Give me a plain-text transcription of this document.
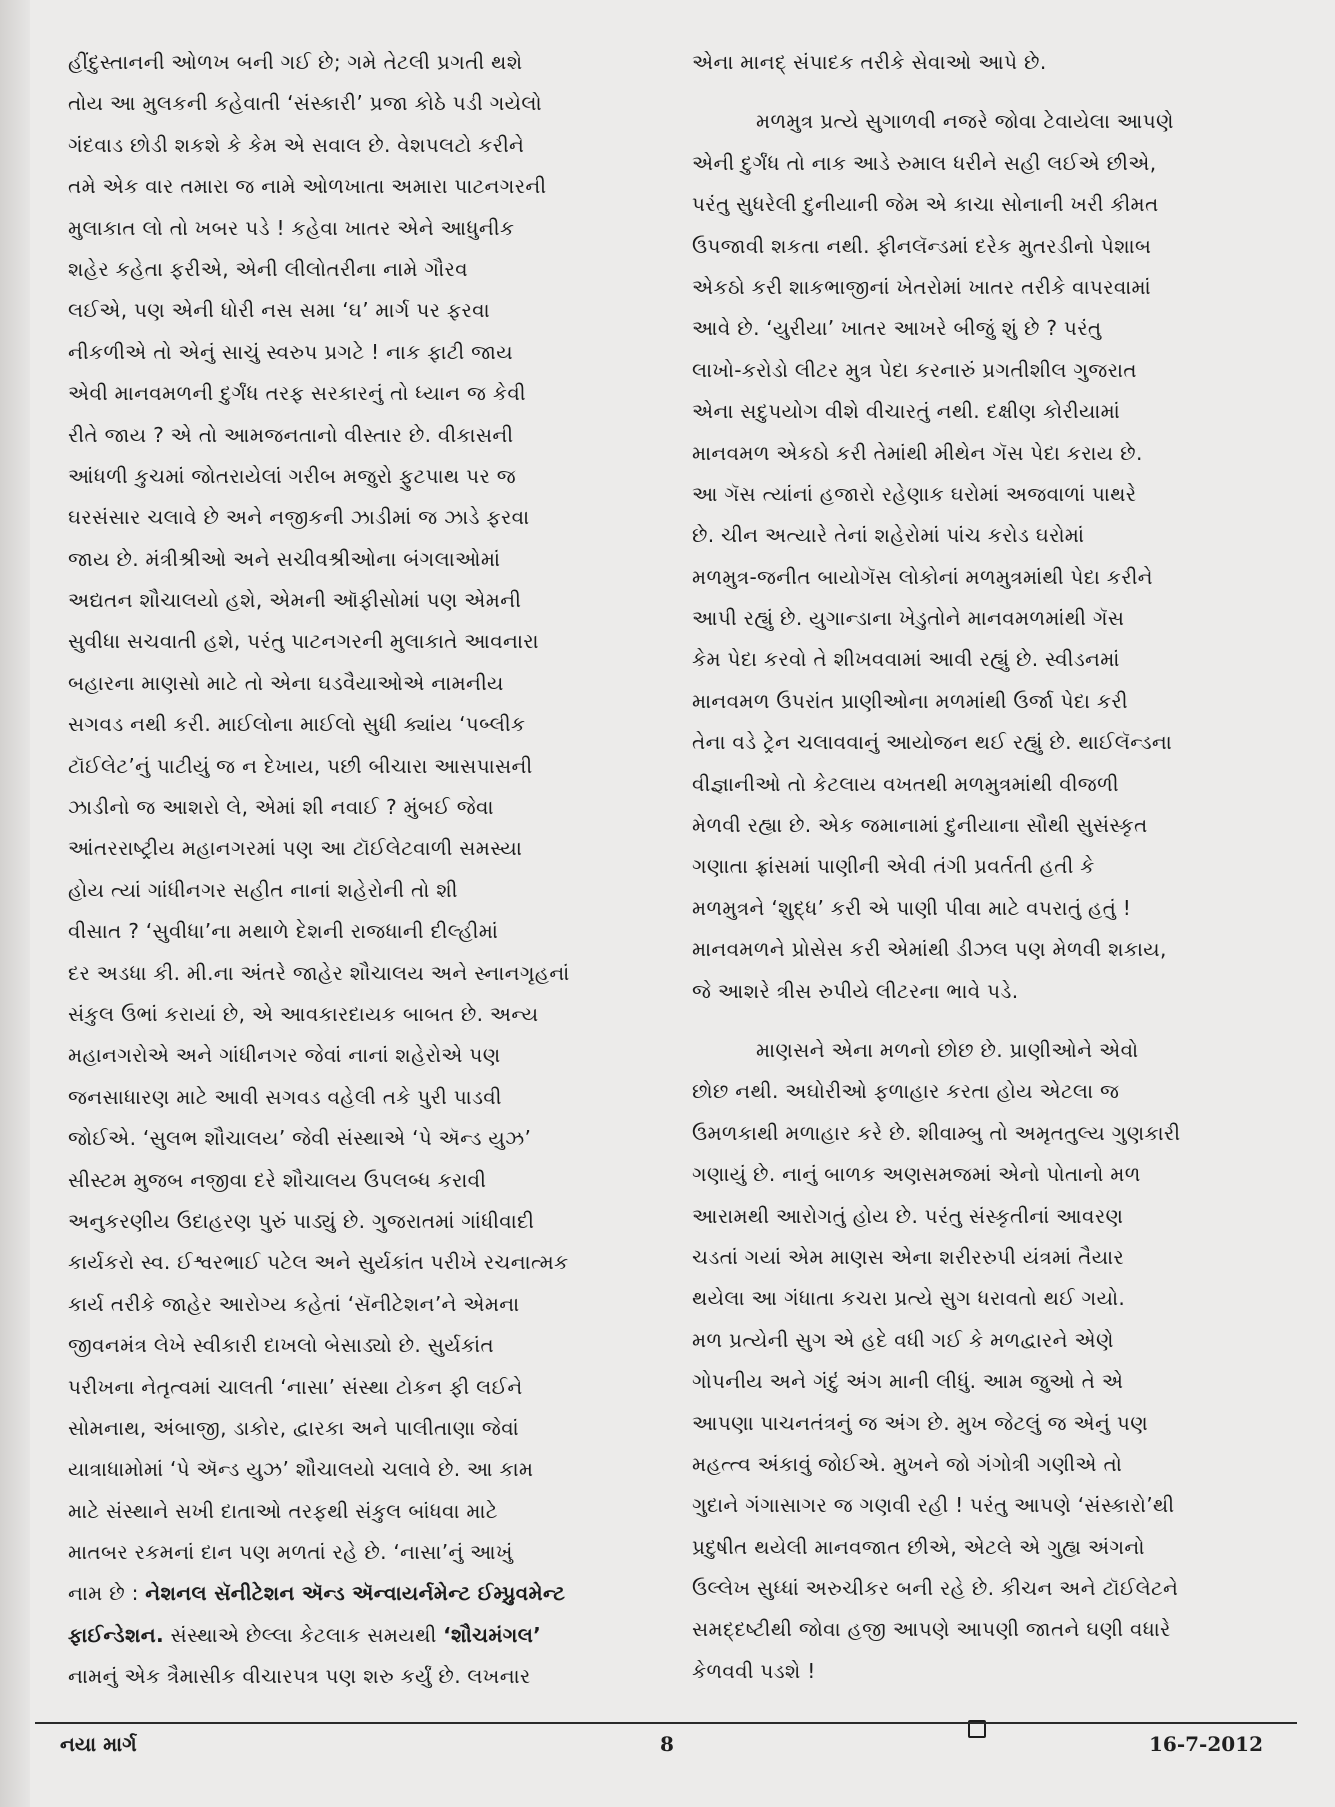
હીંદુસ્તાનની ઓળખ બની ગઈ છે; ગમે તેટલી પ્રગતી થશે
તોય આ મુલકની કહેવાતી ‘સંસ્કારી’ પ્રજા કોઠે પડી ગયેલો
ગંદવાડ છોડી શકશે કે કેમ એ સવાલ છે. વેશપલટો કરીને
તમે એક વાર તમારા જ નામે ઓળખાતા અમારા પાટનગરની
મુલાકાત લો તો ખબર પડે ! કહેવા ખાતર એને આધુનીક
શહેર કહેતા ફરીએ, એની લીલોતરીના નામે ગૌરવ
લઈએ, પણ એની ધોરી નસ સમા ‘ઘ’ માર્ગ પર ફરવા
નીકળીએ તો એનું સાચું સ્વરુપ પ્રગટે ! નાક ફાટી જાય
એવી માનવમળની દુર્ગંધ તરફ સરકારનું તો ધ્યાન જ કેવી
રીતે જાય ? એ તો આમજનતાનો વીસ્તાર છે. વીકાસની
આંધળી કુચમાં જોતરાયેલાં ગરીબ મજુરો ફુટપાથ પર જ
ઘરસંસાર ચલાવે છે અને નજીકની ઝાડીમાં જ ઝાડે ફરવા
જાય છે. મંત્રીશ્રીઓ અને સચીવશ્રીઓના બંગલાઓમાં
અદ્યતન શૌચાલયો હશે, એમની ઑફીસોમાં પણ એમની
સુવીધા સચવાતી હશે, પરંતુ પાટનગરની મુલાકાતે આવનારા
બહારના માણસો માટે તો એના ઘડવૈયાઓએ નામનીય
સગવડ નથી કરી. માઈલોના માઈલો સુધી ક્યાંય ‘પબ્લીક
ટૉઈલેટ’નું પાટીયું જ ન દેખાય, પછી બીચારા આસપાસની
ઝાડીનો જ આશરો લે, એમાં શી નવાઈ ? મુંબઈ જેવા
આંતરરાષ્ટ્રીય મહાનગરમાં પણ આ ટૉઈલેટવાળી સમસ્યા
હોય ત્યાં ગાંધીનગર સહીત નાનાં શહેરોની તો શી
વીસાત ? ‘સુવીધા’ના મથાળે દેશની રાજધાની દીલ્હીમાં
દર અડધા કી. મી.ના અંતરે જાહેર શૌચાલય અને સ્નાનગૃહનાં
સંકુલ ઉભાં કરાયાં છે, એ આવકારદાયક બાબત છે. અન્ય
મહાનગરોએ અને ગાંધીનગર જેવાં નાનાં શહેરોએ પણ
જનસાધારણ માટે આવી સગવડ વહેલી તકે પુરી પાડવી
જોઈએ. ‘સુલભ શૌચાલય’ જેવી સંસ્થાએ ‘પે ઍન્ડ યુઝ’
સીસ્ટમ મુજબ નજીવા દરે શૌચાલય ઉપલબ્ધ કરાવી
અનુકરણીય ઉદાહરણ પુરું પાડ્યું છે. ગુજરાતમાં ગાંધીવાદી
કાર્યકરો સ્વ. ઈશ્વરભાઈ પટેલ અને સુર્યકાંત પરીખે રચનાત્મક
કાર્ય તરીકે જાહેર આરોગ્ય કહેતાં ‘સૅનીટેશન’ને એમના
જીવનમંત્ર લેખે સ્વીકારી દાખલો બેસાડ્યો છે. સુર્યકાંત
પરીખના નેતૃત્વમાં ચાલતી ‘નાસા’ સંસ્થા ટોકન ફી લઈને
સોમનાથ, અંબાજી, ડાકોર, દ્વારકા અને પાલીતાણા જેવાં
યાત્રાધામોમાં ‘પે ઍન્ડ યુઝ’ શૌચાલયો ચલાવે છે. આ કામ
માટે સંસ્થાને સખી દાતાઓ તરફથી સંકુલ બાંધવા માટે
માતબર રકમનાં દાન પણ મળતાં રહે છે. ‘નાસા’નું આખું
નામ છે : નેશનલ સૅનીટેશન ઍન્ડ ઍન્વાયર્નમેન્ટ ઈમ્પ્રુવમેન્ટ
ફાઈન્ડેશન. સંસ્થાએ છેલ્લા કેટલાક સમયથી ‘શૌચમંગલ’
નામનું એક ત્રૈમાસીક વીચારપત્ર પણ શરુ કર્યું છે. લખનાર
એના માનદ્ સંપાદક તરીકે સેવાઓ આપે છે.
મળમુત્ર પ્રત્યે સુગાળવી નજરે જોવા ટેવાયેલા આપણે
એની દુર્ગંધ તો નાક આડે રુમાલ ધરીને સહી લઈએ છીએ,
પરંતુ સુધરેલી દુનીયાની જેમ એ કાચા સોનાની ખરી કીમત
ઉપજાવી શકતા નથી. ફીનલૅન્ડમાં દરેક મુતરડીનો પેશાબ
એકઠો કરી શાકભાજીનાં ખેતરોમાં ખાતર તરીકે વાપરવામાં
આવે છે. ‘યુરીયા’ ખાતર આખરે બીજું શું છે ? પરંતુ
લાખો-કરોડો લીટર મુત્ર પેદા કરનારું પ્રગતીશીલ ગુજરાત
એના સદુપયોગ વીશે વીચારતું નથી. દક્ષીણ કોરીયામાં
માનવમળ એકઠો કરી તેમાંથી મીથેન ગૅસ પેદા કરાય છે.
આ ગૅસ ત્યાંનાં હજારો રહેણાક ઘરોમાં અજવાળાં પાથરે
છે. ચીન અત્યારે તેનાં શહેરોમાં પાંચ કરોડ ઘરોમાં
મળમુત્ર-જનીત બાયોગૅસ લોકોનાં મળમુત્રમાંથી પેદા કરીને
આપી રહ્યું છે. યુગાન્ડાના ખેડુતોને માનવમળમાંથી ગૅસ
કેમ પેદા કરવો તે શીખવવામાં આવી રહ્યું છે. સ્વીડનમાં
માનવમળ ઉપરાંત પ્રાણીઓના મળમાંથી ઉર્જા પેદા કરી
તેના વડે ટ્રેન ચલાવવાનું આયોજન થઈ રહ્યું છે. થાઈલૅન્ડના
વીજ્ઞાનીઓ તો કેટલાય વખતથી મળમુત્રમાંથી વીજળી
મેળવી રહ્યા છે. એક જમાનામાં દુનીયાના સૌથી સુસંસ્કૃત
ગણાતા ફ્રાંસમાં પાણીની એવી તંગી પ્રવર્તતી હતી કે
મળમુત્રને ‘શુદ્ધ’ કરી એ પાણી પીવા માટે વપરાતું હતું !
માનવમળને પ્રોસેસ કરી એમાંથી ડીઝલ પણ મેળવી શકાય,
જે આશરે ત્રીસ રુપીયે લીટરના ભાવે પડે.
માણસને એના મળનો છોછ છે. પ્રાણીઓને એવો
છોછ નથી. અઘોરીઓ ફળાહાર કરતા હોય એટલા જ
ઉમળકાથી મળાહાર કરે છે. શીવામ્બુ તો અમૃતતુલ્ય ગુણકારી
ગણાયું છે. નાનું બાળક અણસમજમાં એનો પોતાનો મળ
આરામથી આરોગતું હોય છે. પરંતુ સંસ્કૃતીનાં આવરણ
ચડતાં ગયાં એમ માણસ એના શરીરરુપી યંત્રમાં તૈયાર
થયેલા આ ગંધાતા કચરા પ્રત્યે સુગ ધરાવતો થઈ ગયો.
મળ પ્રત્યેની સુગ એ હદે વધી ગઈ કે મળદ્વારને એણે
ગોપનીય અને ગંદું અંગ માની લીધું. આમ જુઓ તે એ
આપણા પાચનતંત્રનું જ અંગ છે. મુખ જેટલું જ એનું પણ
મહત્ત્વ અંકાવું જોઈએ. મુખને જો ગંગોત્રી ગણીએ તો
ગુદાને ગંગાસાગર જ ગણવી રહી ! પરંતુ આપણે ‘સંસ્કારો’થી
પ્રદુષીત થયેલી માનવજાત છીએ, એટલે એ ગુહ્ય અંગનો
ઉલ્લેખ સુધ્ધાં અરુચીકર બની રહે છે. કીચન અને ટૉઈલેટને
સમદ્દષ્ટીથી જોવા હજી આપણે આપણી જાતને ઘણી વધારે
કેળવવી પડશે !
નયા માર્ગ	8	16-7-2012
